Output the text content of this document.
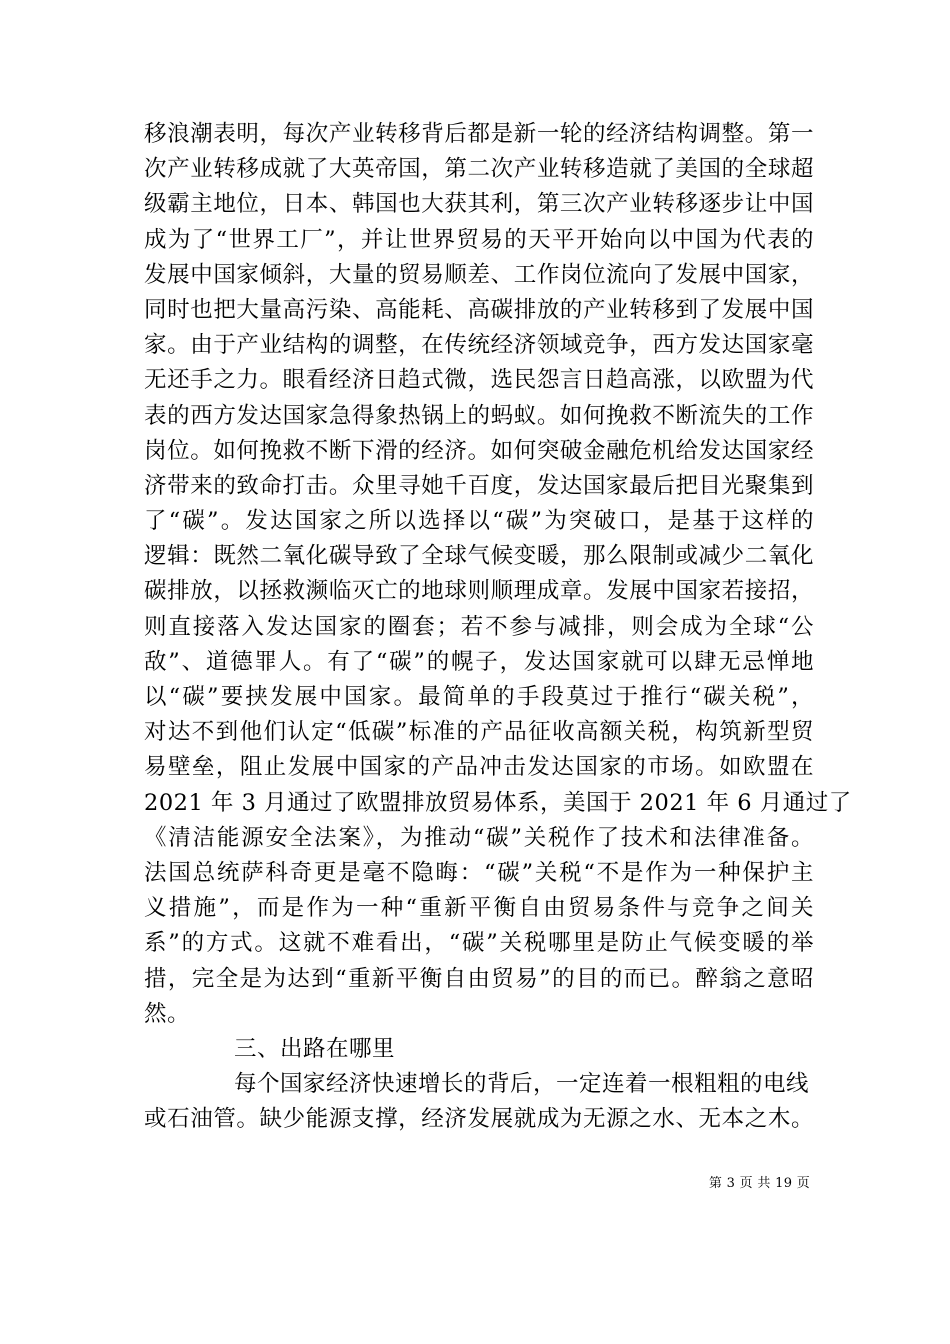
移浪潮表明，每次产业转移背后都是新一轮的经济结构调整。第一
次产业转移成就了大英帝国，第二次产业转移造就了美国的全球超
级霸主地位，日本、韩国也大获其利，第三次产业转移逐步让中国
成为了“世界工厂”，并让世界贸易的天平开始向以中国为代表的
发展中国家倾斜，大量的贸易顺差、工作岗位流向了发展中国家，
同时也把大量高污染、高能耗、高碳排放的产业转移到了发展中国
家。由于产业结构的调整，在传统经济领域竞争，西方发达国家毫
无还手之力。眼看经济日趋式微，选民怨言日趋高涨，以欧盟为代
表的西方发达国家急得象热锅上的蚂蚁。如何挽救不断流失的工作
岗位。如何挽救不断下滑的经济。如何突破金融危机给发达国家经
济带来的致命打击。众里寻她千百度，发达国家最后把目光聚集到
了“碳”。发达国家之所以选择以“碳”为突破口，是基于这样的
逻辑：既然二氧化碳导致了全球气候变暖，那么限制或减少二氧化
碳排放，以拯救濒临灭亡的地球则顺理成章。发展中国家若接招，
则直接落入发达国家的圈套；若不参与减排，则会成为全球“公
敌”、道德罪人。有了“碳”的幌子，发达国家就可以肆无忌惮地
以“碳”要挟发展中国家。最简单的手段莫过于推行“碳关税”，
对达不到他们认定“低碳”标准的产品征收高额关税，构筑新型贸
易壁垒，阻止发展中国家的产品冲击发达国家的市场。如欧盟在
2021 年 3 月通过了欧盟排放贸易体系，美国于 2021 年 6 月通过了
《清洁能源安全法案》，为推动“碳”关税作了技术和法律准备。
法国总统萨科奇更是毫不隐晦：“碳”关税“不是作为一种保护主
义措施”，而是作为一种“重新平衡自由贸易条件与竞争之间关
系”的方式。这就不难看出，“碳”关税哪里是防止气候变暖的举
措，完全是为达到“重新平衡自由贸易”的目的而已。醉翁之意昭
然。
三、出路在哪里
每个国家经济快速增长的背后，一定连着一根粗粗的电线
或石油管。缺少能源支撑，经济发展就成为无源之水、无本之木。
第 3 页 共 19 页
